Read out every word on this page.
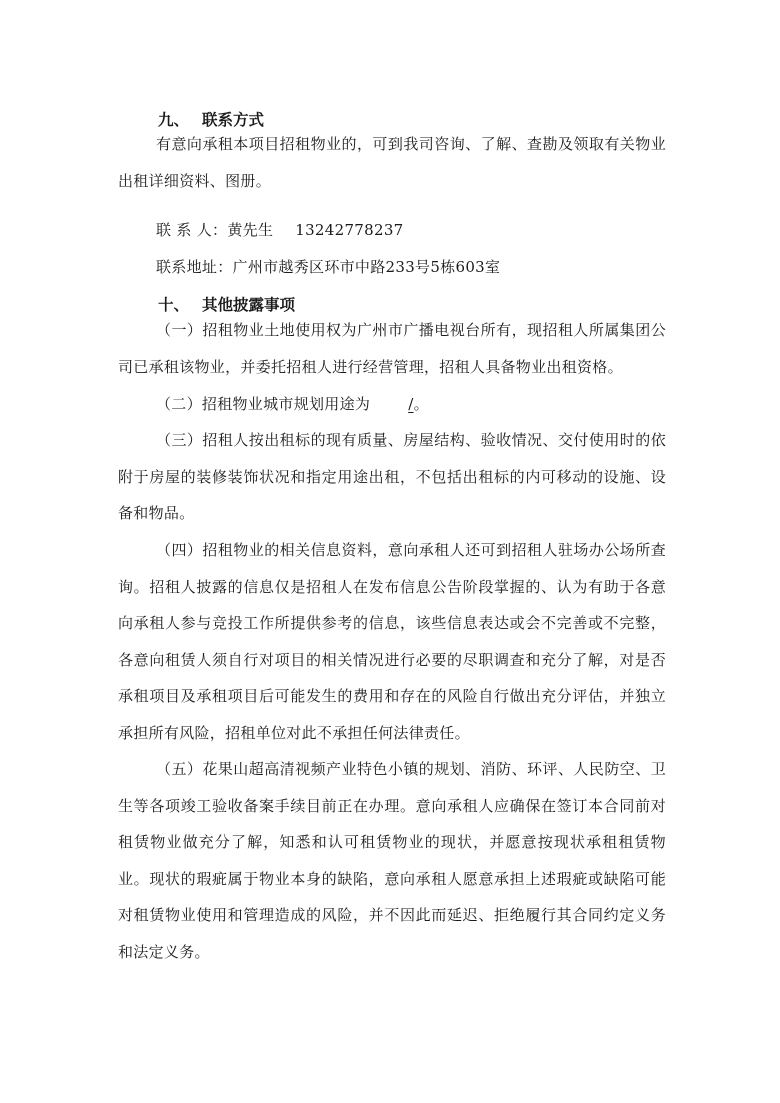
九、 联系方式

有意向承租本项目招租物业的，可到我司咨询、了解、查勘及领取有关物业出租详细资料、图册。

联 系 人：黄先生 13242778237
联系地址：广州市越秀区环市中路233号5栋603室
十、 其他披露事项

（一）招租物业土地使用权为广州市广播电视台所有，现招租人所属集团公司已承租该物业，并委托招租人进行经营管理，招租人具备物业出租资格。

（二）招租物业城市规划用途为	/。

（三）招租人按出租标的现有质量、房屋结构、验收情况、交付使用时的依附于房屋的装修装饰状况和指定用途出租，不包括出租标的内可移动的设施、设备和物品。

（四）招租物业的相关信息资料，意向承租人还可到招租人驻场办公场所查询。招租人披露的信息仅是招租人在发布信息公告阶段掌握的、认为有助于各意向承租人参与竞投工作所提供参考的信息，该些信息表达或会不完善或不完整，各意向租赁人须自行对项目的相关情况进行必要的尽职调查和充分了解，对是否承租项目及承租项目后可能发生的费用和存在的风险自行做出充分评估，并独立承担所有风险，招租单位对此不承担任何法律责任。

（五）花果山超高清视频产业特色小镇的规划、消防、环评、人民防空、卫生等各项竣工验收备案手续目前正在办理。意向承租人应确保在签订本合同前对租赁物业做充分了解，知悉和认可租赁物业的现状，并愿意按现状承租租赁物业。现状的瑕疵属于物业本身的缺陷，意向承租人愿意承担上述瑕疵或缺陷可能对租赁物业使用和管理造成的风险，并不因此而延迟、拒绝履行其合同约定义务和法定义务。
